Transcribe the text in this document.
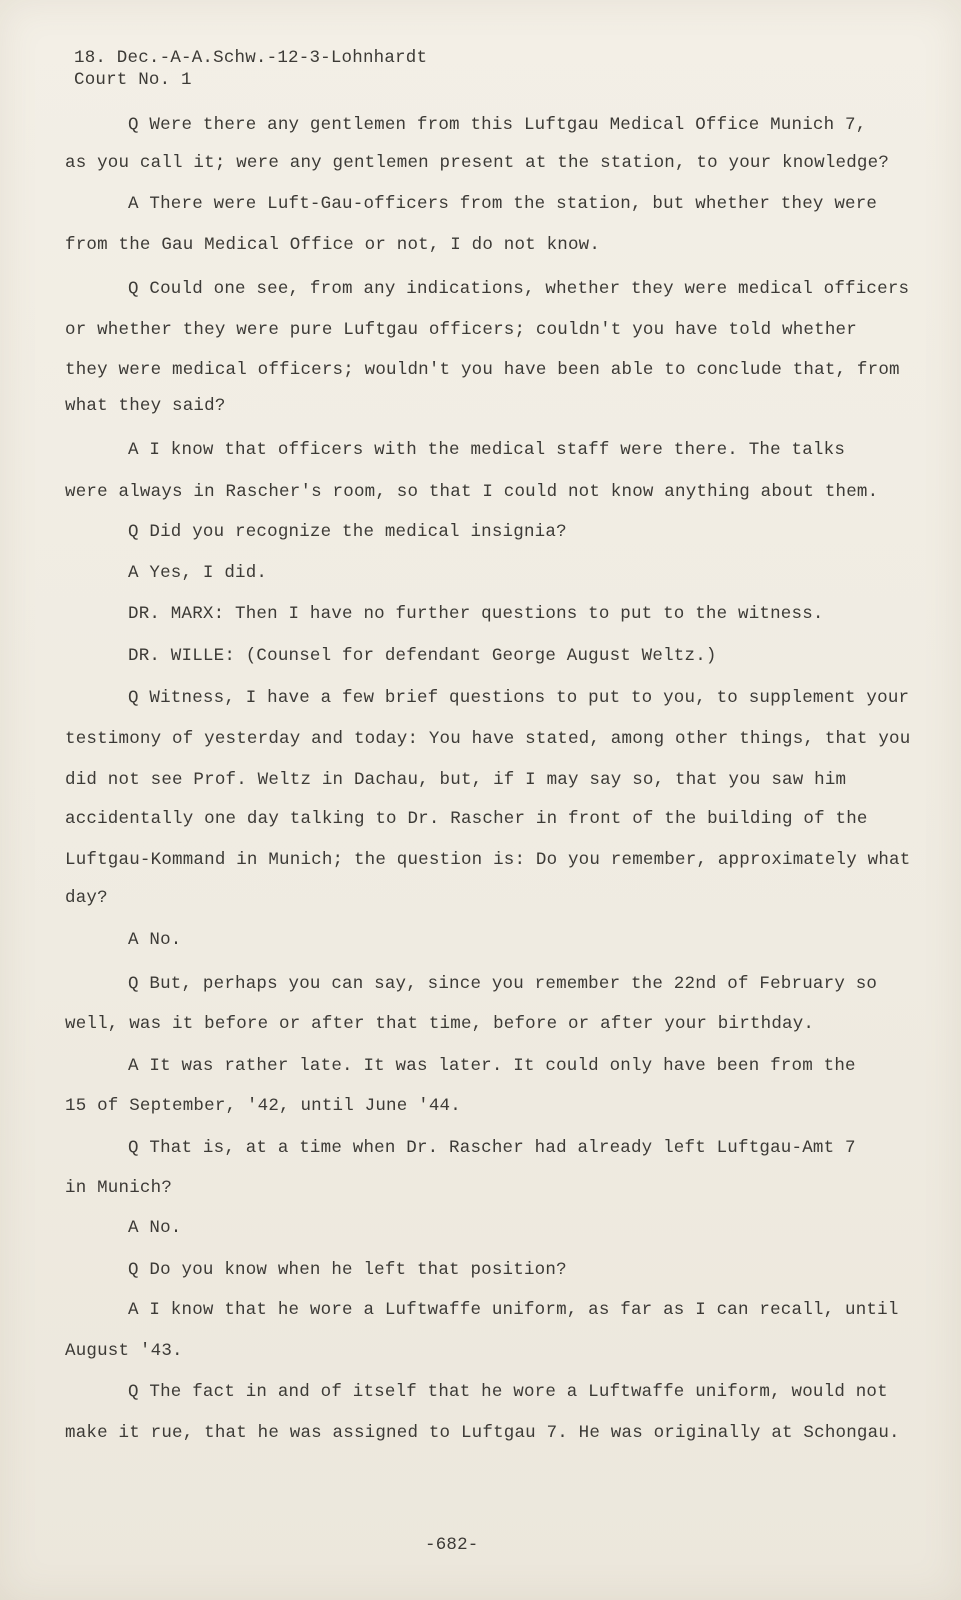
18. Dec.-A-A.Schw.-12-3-Lohnhardt
Court No. 1
Q Were there any gentlemen from this Luftgau Medical Office Munich 7,
as you call it; were any gentlemen present at the station, to your knowledge?
A There were Luft-Gau-officers from the station, but whether they were
from the Gau Medical Office or not, I do not know.
Q Could one see, from any indications, whether they were medical officers
or whether they were pure Luftgau officers; couldn't you have told whether
they were medical officers; wouldn't you have been able to conclude that, from
what they said?
A I know that officers with the medical staff were there. The talks
were always in Rascher's room, so that I could not know anything about them.
Q Did you recognize the medical insignia?
A Yes, I did.
DR. MARX: Then I have no further questions to put to the witness.
DR. WILLE: (Counsel for defendant George August Weltz.)
Q Witness, I have a few brief questions to put to you, to supplement your
testimony of yesterday and today: You have stated, among other things, that you
did not see Prof. Weltz in Dachau, but, if I may say so, that you saw him
accidentally one day talking to Dr. Rascher in front of the building of the
Luftgau-Kommand in Munich; the question is: Do you remember, approximately what
day?
A No.
Q But, perhaps you can say, since you remember the 22nd of February so
well, was it before or after that time, before or after your birthday.
A It was rather late. It was later. It could only have been from the
15 of September, '42, until June '44.
Q That is, at a time when Dr. Rascher had already left Luftgau-Amt 7
in Munich?
A No.
Q Do you know when he left that position?
A I know that he wore a Luftwaffe uniform, as far as I can recall, until
August '43.
Q The fact in and of itself that he wore a Luftwaffe uniform, would not
make it rue, that he was assigned to Luftgau 7. He was originally at Schongau.
-682-
